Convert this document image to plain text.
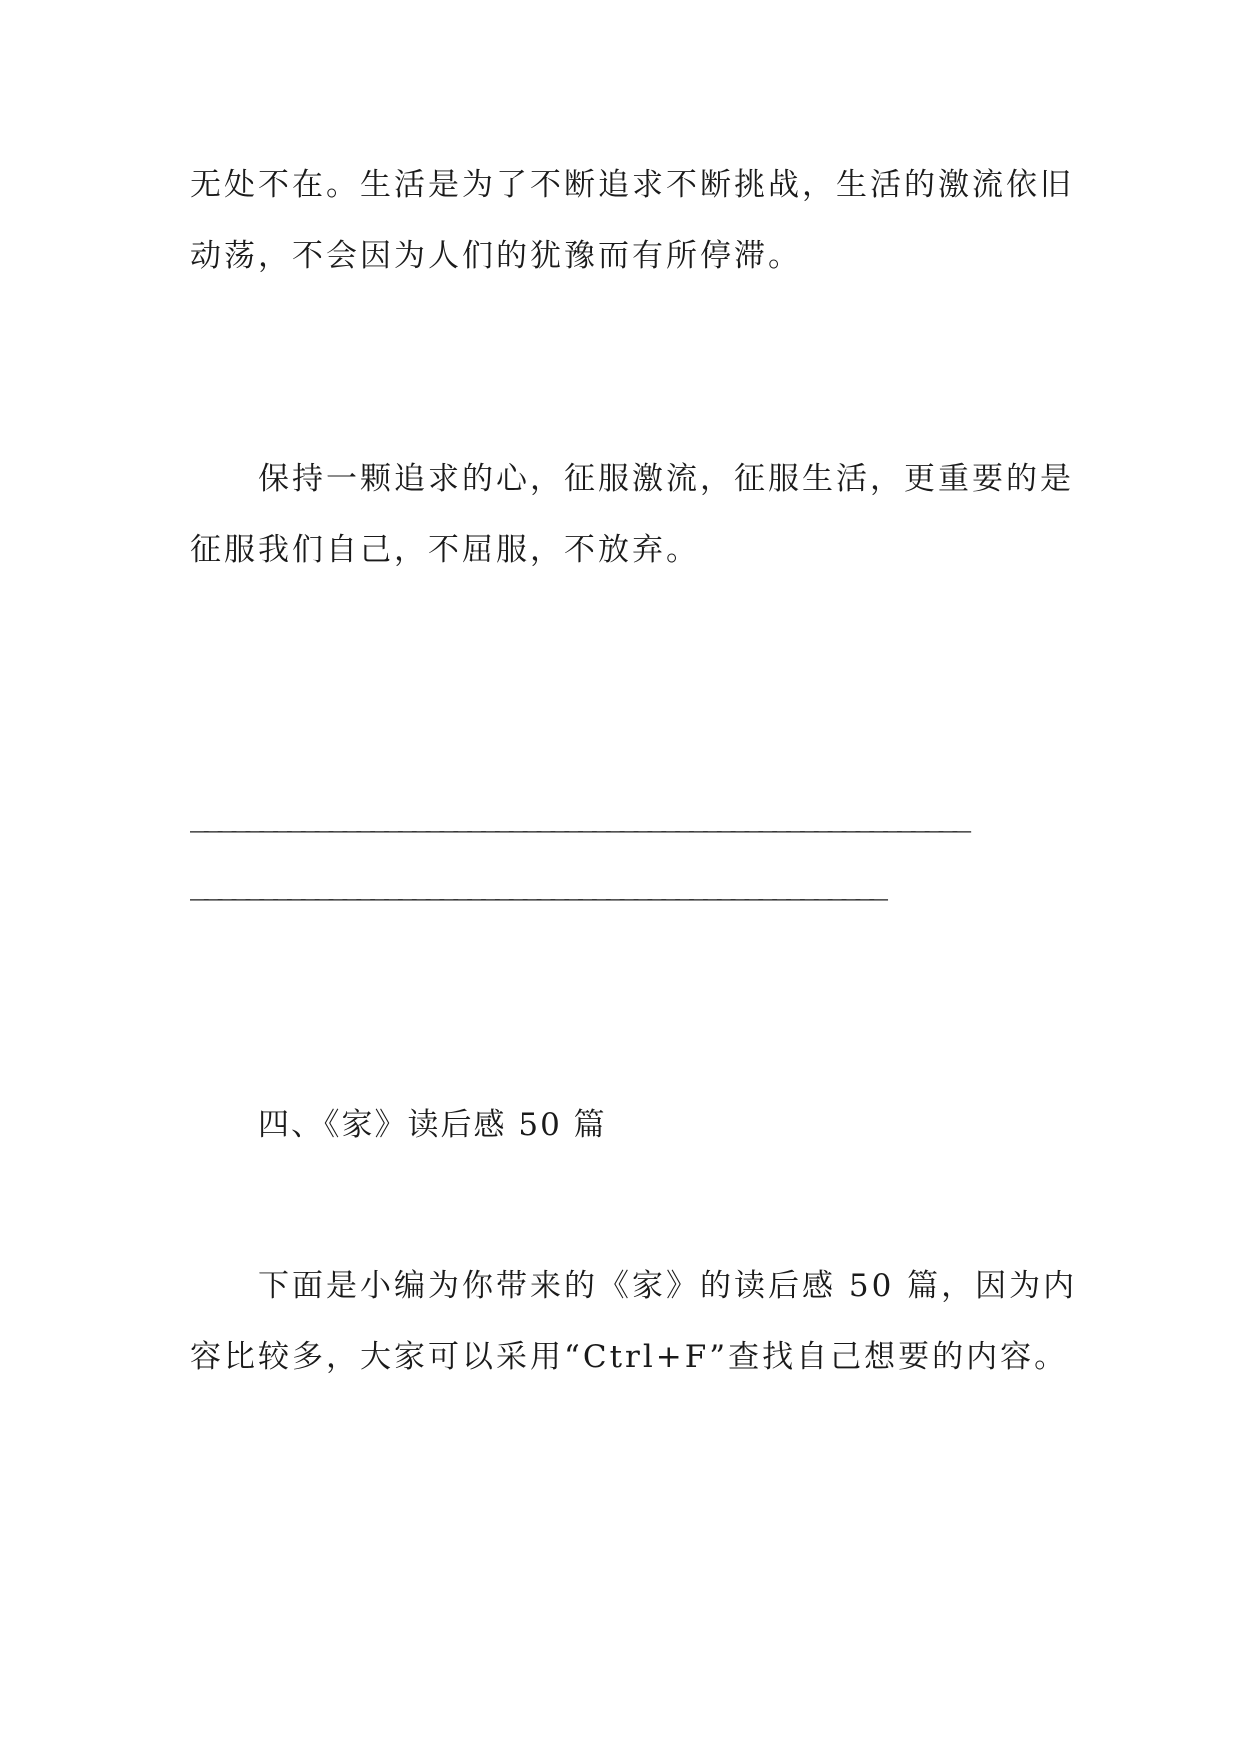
无处不在。生活是为了不断追求不断挑战，生活的激流依旧
动荡，不会因为人们的犹豫而有所停滞。

保持一颗追求的心，征服激流，征服生活，更重要的是
征服我们自己，不屈服，不放弃。

________________________________________________________
__________________________________________________
四、《家》读后感 50 篇

下面是小编为你带来的《家》的读后感 50 篇，因为内
容比较多，大家可以采用“Ctrl+F”查找自己想要的内容。
